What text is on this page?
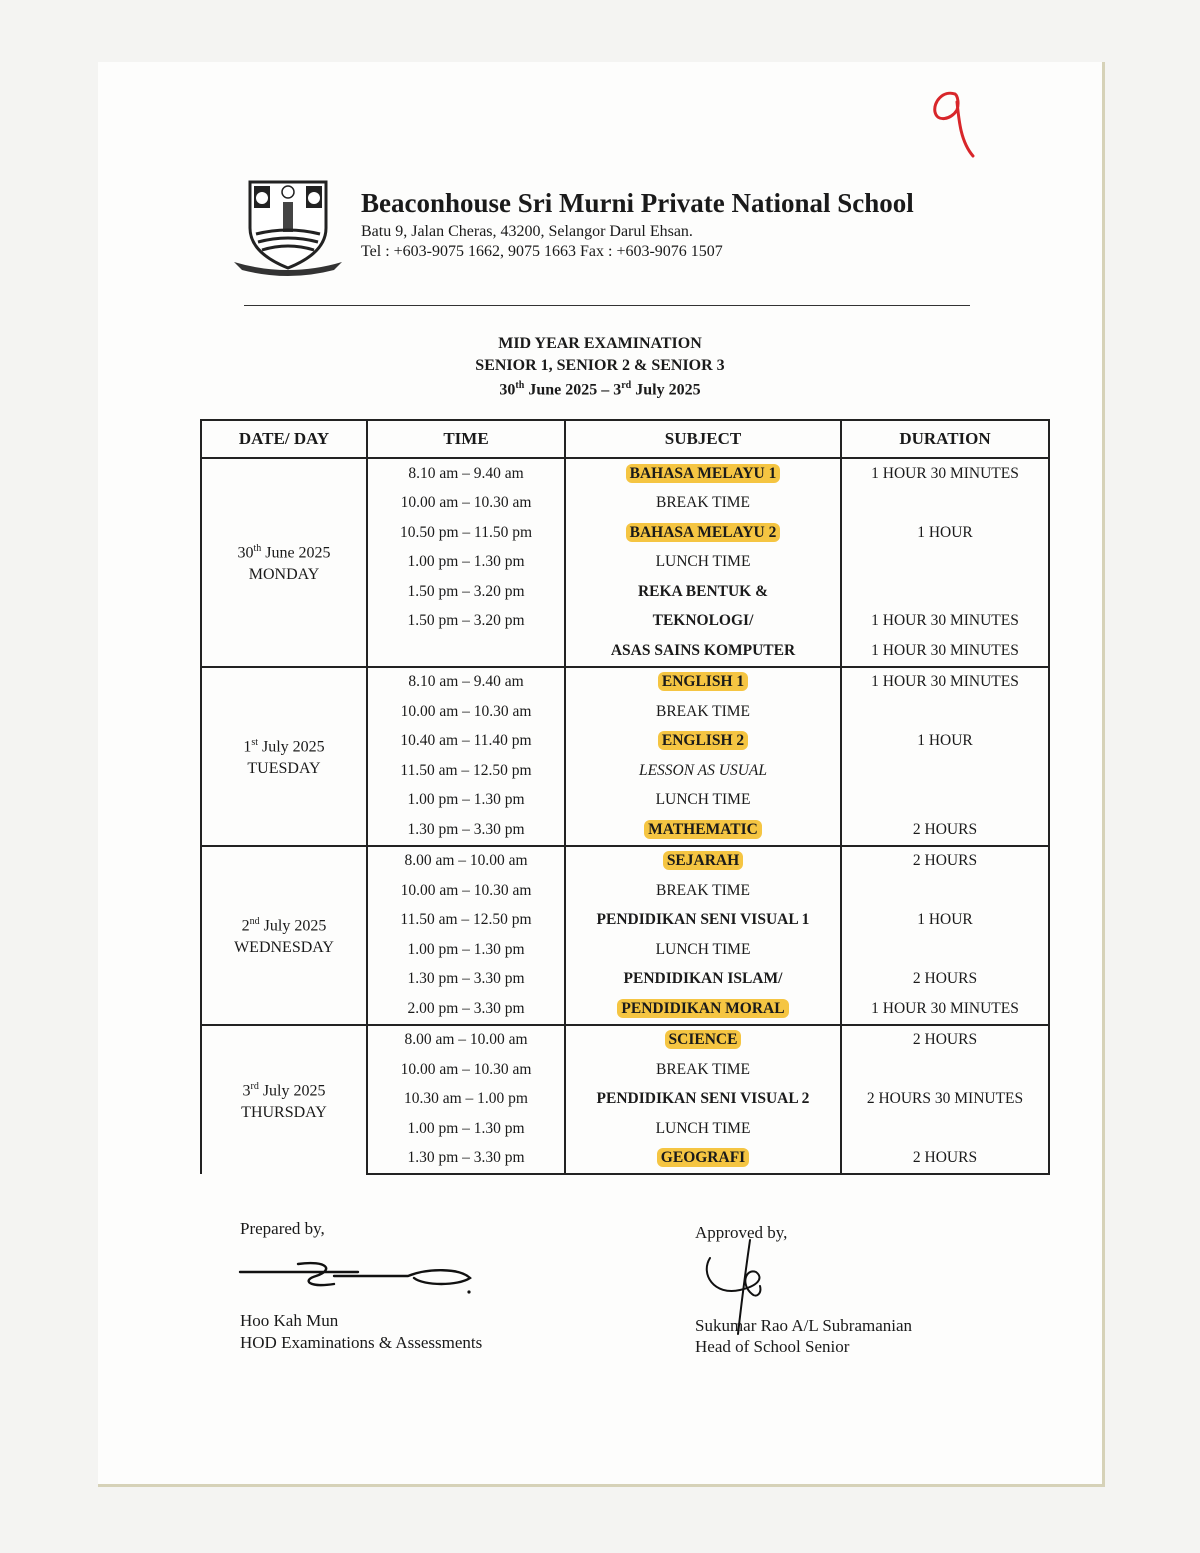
Beaconhouse Sri Murni Private National School
Batu 9, Jalan Cheras, 43200, Selangor Darul Ehsan.
Tel : +603-9075 1662, 9075 1663 Fax : +603-9076 1507
MID YEAR EXAMINATION
SENIOR 1, SENIOR 2 & SENIOR 3
30th June 2025 – 3rd July 2025
DATE/ DAY	TIME	SUBJECT	DURATION
30th June 2025
MONDAY	8.10 am – 9.40 am	BAHASA MELAYU 1	1 HOUR 30 MINUTES
	10.00 am – 10.30 am	BREAK TIME	
	10.50 pm – 11.50 pm	BAHASA MELAYU 2	1 HOUR
	1.00 pm – 1.30 pm	LUNCH TIME	
	1.50 pm – 3.20 pm	REKA BENTUK &	
	1.50 pm – 3.20 pm	TEKNOLOGI/	1 HOUR 30 MINUTES
		ASAS SAINS KOMPUTER	1 HOUR 30 MINUTES
1st July 2025
TUESDAY	8.10 am – 9.40 am	ENGLISH 1	1 HOUR 30 MINUTES
	10.00 am – 10.30 am	BREAK TIME	
	10.40 am – 11.40 pm	ENGLISH 2	1 HOUR
	11.50 am – 12.50 pm	LESSON AS USUAL	
	1.00 pm – 1.30 pm	LUNCH TIME	
	1.30 pm – 3.30 pm	MATHEMATIC	2 HOURS
2nd July 2025
WEDNESDAY	8.00 am – 10.00 am	SEJARAH	2 HOURS
	10.00 am – 10.30 am	BREAK TIME	
	11.50 am – 12.50 pm	PENDIDIKAN SENI VISUAL 1	1 HOUR
	1.00 pm – 1.30 pm	LUNCH TIME	
	1.30 pm – 3.30 pm	PENDIDIKAN ISLAM/	2 HOURS
	2.00 pm – 3.30 pm	PENDIDIKAN MORAL	1 HOUR 30 MINUTES
3rd July 2025
THURSDAY	8.00 am – 10.00 am	SCIENCE	2 HOURS
	10.00 am – 10.30 am	BREAK TIME	
	10.30 am – 1.00 pm	PENDIDIKAN SENI VISUAL 2	2 HOURS 30 MINUTES
	1.00 pm – 1.30 pm	LUNCH TIME	
	1.30 pm – 3.30 pm	GEOGRAFI	2 HOURS
Prepared by,
Hoo Kah Mun
HOD Examinations & Assessments
Approved by,
Sukumar Rao A/L Subramanian
Head of School Senior
